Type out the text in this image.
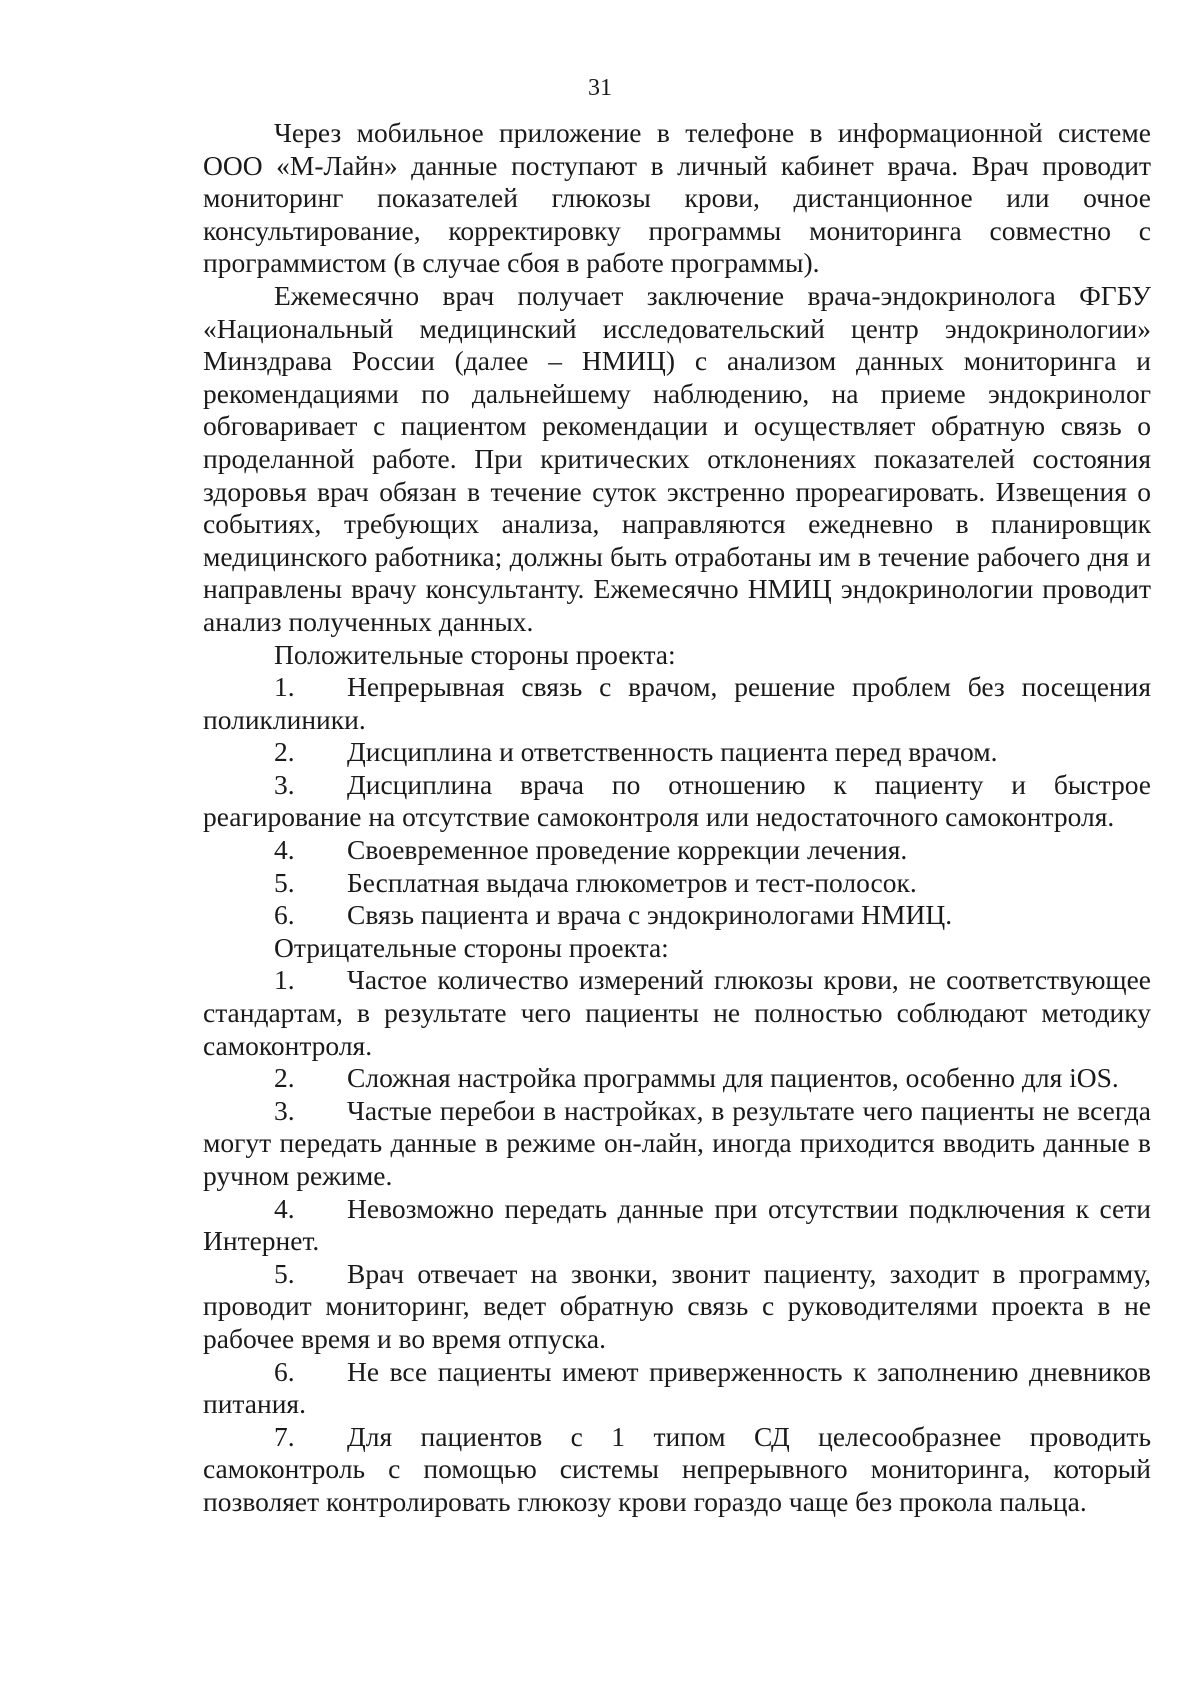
31

Через мобильное приложение в телефоне в информационной системе ООО «М-Лайн» данные поступают в личный кабинет врача. Врач проводит мониторинг показателей глюкозы крови, дистанционное или очное консультирование, корректировку программы мониторинга совместно с программистом (в случае сбоя в работе программы).

Ежемесячно врач получает заключение врача-эндокринолога ФГБУ «Национальный медицинский исследовательский центр эндокринологии» Минздрава России (далее – НМИЦ) с анализом данных мониторинга и рекомендациями по дальнейшему наблюдению, на приеме эндокринолог обговаривает с пациентом рекомендации и осуществляет обратную связь о проделанной работе. При критических отклонениях показателей состояния здоровья врач обязан в течение суток экстренно прореагировать. Извещения о событиях, требующих анализа, направляются ежедневно в планировщик медицинского работника; должны быть отработаны им в течение рабочего дня и направлены врачу консультанту. Ежемесячно НМИЦ эндокринологии проводит анализ полученных данных.

Положительные стороны проекта:

1. Непрерывная связь с врачом, решение проблем без посещения поликлиники.

2. Дисциплина и ответственность пациента перед врачом.

3. Дисциплина врача по отношению к пациенту и быстрое реагирование на отсутствие самоконтроля или недостаточного самоконтроля.

4. Своевременное проведение коррекции лечения.

5. Бесплатная выдача глюкометров и тест-полосок.

6. Связь пациента и врача с эндокринологами НМИЦ.

Отрицательные стороны проекта:

1. Частое количество измерений глюкозы крови, не соответствующее стандартам, в результате чего пациенты не полностью соблюдают методику самоконтроля.

2. Сложная настройка программы для пациентов, особенно для iOS.

3. Частые перебои в настройках, в результате чего пациенты не всегда могут передать данные в режиме он-лайн, иногда приходится вводить данные в ручном режиме.

4. Невозможно передать данные при отсутствии подключения к сети Интернет.

5. Врач отвечает на звонки, звонит пациенту, заходит в программу, проводит мониторинг, ведет обратную связь с руководителями проекта в не рабочее время и во время отпуска.

6. Не все пациенты имеют приверженность к заполнению дневников питания.

7. Для пациентов с 1 типом СД целесообразнее проводить самоконтроль с помощью системы непрерывного мониторинга, который позволяет контролировать глюкозу крови гораздо чаще без прокола пальца.
